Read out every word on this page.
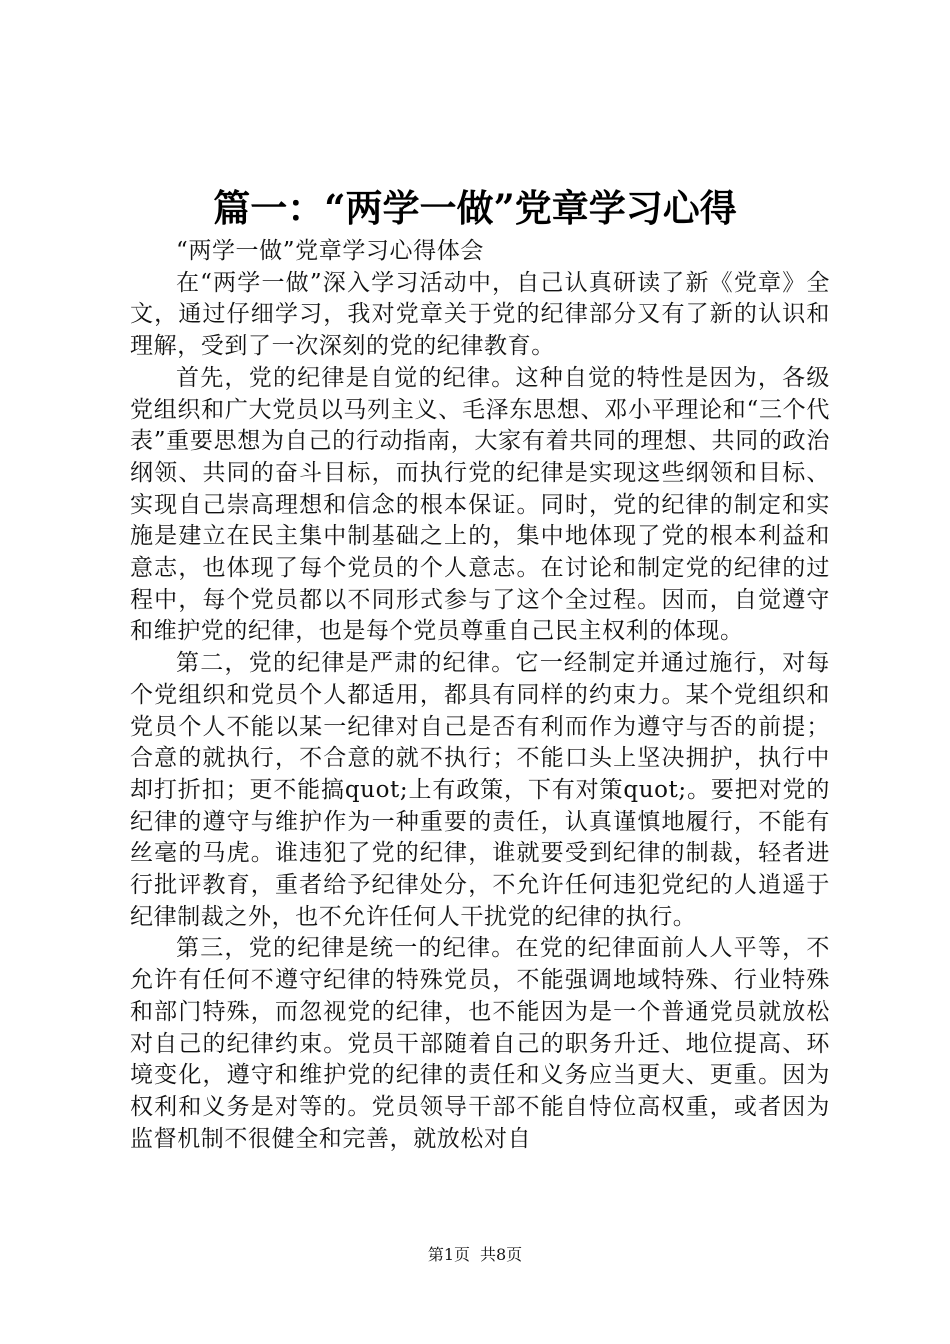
篇一：“两学一做”党章学习心得

“两学一做”党章学习心得体会

在“两学一做”深入学习活动中，自己认真研读了新《党章》全文，通过仔细学习，我对党章关于党的纪律部分又有了新的认识和理解，受到了一次深刻的党的纪律教育。

首先，党的纪律是自觉的纪律。这种自觉的特性是因为，各级党组织和广大党员以马列主义、毛泽东思想、邓小平理论和“三个代表”重要思想为自己的行动指南，大家有着共同的理想、共同的政治纲领、共同的奋斗目标，而执行党的纪律是实现这些纲领和目标、实现自己崇高理想和信念的根本保证。同时，党的纪律的制定和实施是建立在民主集中制基础之上的，集中地体现了党的根本利益和意志，也体现了每个党员的个人意志。在讨论和制定党的纪律的过程中，每个党员都以不同形式参与了这个全过程。因而，自觉遵守和维护党的纪律，也是每个党员尊重自己民主权利的体现。

第二，党的纪律是严肃的纪律。它一经制定并通过施行，对每个党组织和党员个人都适用，都具有同样的约束力。某个党组织和党员个人不能以某一纪律对自己是否有利而作为遵守与否的前提；合意的就执行，不合意的就不执行；不能口头上坚决拥护，执行中却打折扣；更不能搞quot;上有政策，下有对策quot;。要把对党的纪律的遵守与维护作为一种重要的责任，认真谨慎地履行，不能有丝毫的马虎。谁违犯了党的纪律，谁就要受到纪律的制裁，轻者进行批评教育，重者给予纪律处分，不允许任何违犯党纪的人逍遥于纪律制裁之外，也不允许任何人干扰党的纪律的执行。

第三，党的纪律是统一的纪律。在党的纪律面前人人平等，不允许有任何不遵守纪律的特殊党员，不能强调地域特殊、行业特殊和部门特殊，而忽视党的纪律，也不能因为是一个普通党员就放松对自己的纪律约束。党员干部随着自己的职务升迁、地位提高、环境变化，遵守和维护党的纪律的责任和义务应当更大、更重。因为权利和义务是对等的。党员领导干部不能自恃位高权重，或者因为监督机制不很健全和完善，就放松对自

第1页 共8页
